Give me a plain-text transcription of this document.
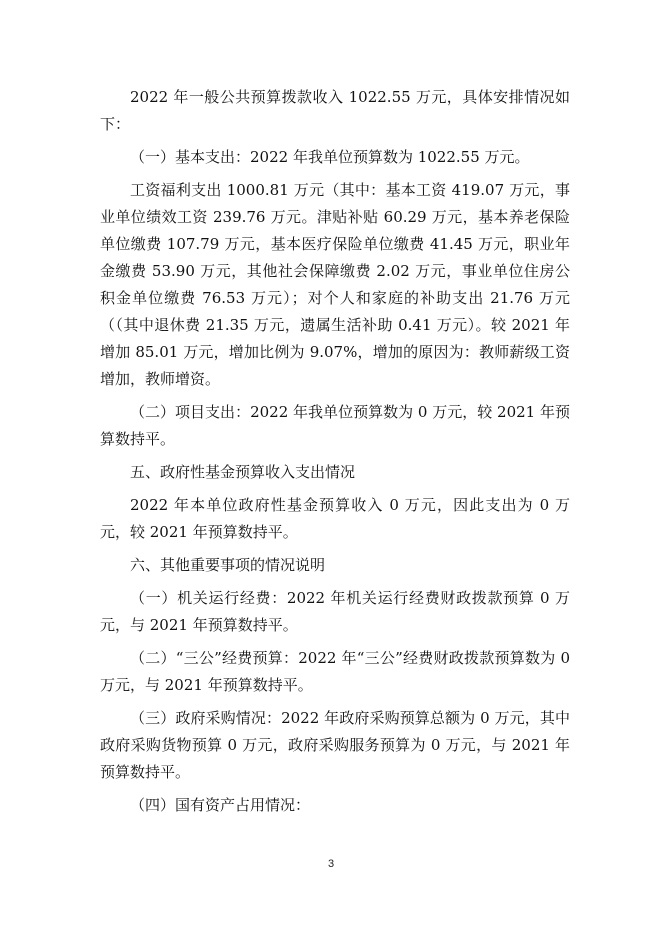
2022 年一般公共预算拨款收入 1022.55 万元，具体安排情况如下：

（一）基本支出：2022 年我单位预算数为 1022.55 万元。

工资福利支出 1000.81 万元（其中：基本工资 419.07 万元，事业单位绩效工资 239.76 万元。津贴补贴 60.29 万元，基本养老保险单位缴费 107.79 万元，基本医疗保险单位缴费 41.45 万元，职业年金缴费 53.90 万元，其他社会保障缴费 2.02 万元，事业单位住房公积金单位缴费 76.53 万元）；对个人和家庭的补助支出 21.76 万元（（其中退休费 21.35 万元，遗属生活补助 0.41 万元）。较 2021 年增加 85.01 万元，增加比例为 9.07%，增加的原因为：教师薪级工资增加，教师增资。

（二）项目支出：2022 年我单位预算数为 0 万元，较 2021 年预算数持平。

五、政府性基金预算收入支出情况

2022 年本单位政府性基金预算收入 0 万元，因此支出为 0 万元，较 2021 年预算数持平。

六、其他重要事项的情况说明

（一）机关运行经费：2022 年机关运行经费财政拨款预算 0 万元，与 2021 年预算数持平。

（二）“三公”经费预算：2022 年“三公”经费财政拨款预算数为 0 万元，与 2021 年预算数持平。

（三）政府采购情况：2022 年政府采购预算总额为 0 万元，其中政府采购货物预算 0 万元，政府采购服务预算为 0 万元，与 2021 年预算数持平。

（四）国有资产占用情况：

3
